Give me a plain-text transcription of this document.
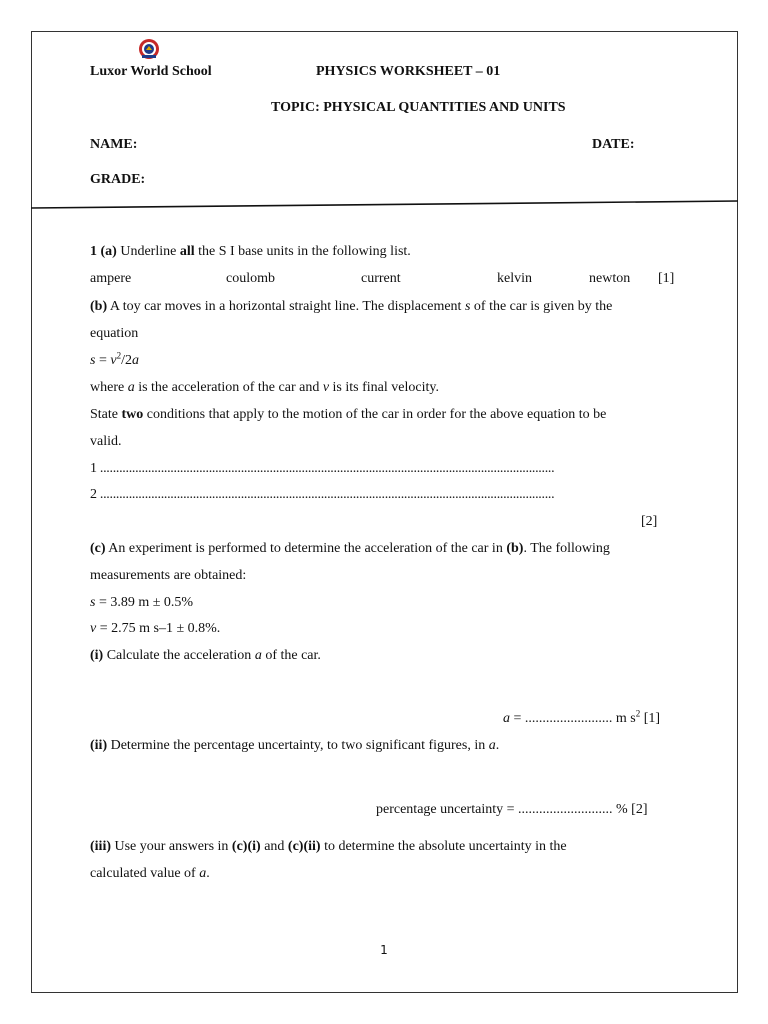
Luxor World School	PHYSICS WORKSHEET – 01
TOPIC: PHYSICAL QUANTITIES AND UNITS
NAME:	DATE:
GRADE:
1 (a) Underline all the S I base units in the following list.
ampere	coulomb	current	kelvin	newton [1]
(b) A toy car moves in a horizontal straight line. The displacement s of the car is given by the
equation
$s = v^2/2a$
where a is the acceleration of the car and v is its final velocity.
State two conditions that apply to the motion of the car in order for the above equation to be
valid.
1 ..............................................................................................................................................
2 ..............................................................................................................................................
[2]
(c) An experiment is performed to determine the acceleration of the car in (b). The following
measurements are obtained:
s = 3.89 m ± 0.5%
v = 2.75 m s–1 ± 0.8%.
(i) Calculate the acceleration a of the car.
a = ......................... m $s^2$ [1]
(ii) Determine the percentage uncertainty, to two significant figures, in a.
percentage uncertainty = ........................... % [2]
(iii) Use your answers in (c)(i) and (c)(ii) to determine the absolute uncertainty in the
calculated value of a.
1
